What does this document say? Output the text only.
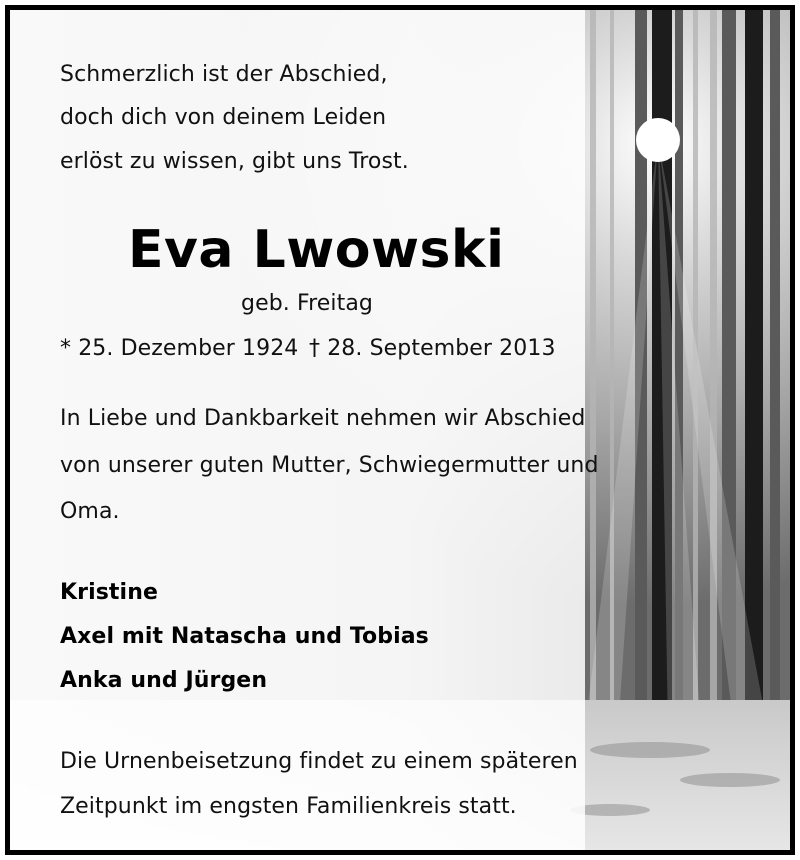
Schmerzlich ist der Abschied,
doch dich von deinem Leiden
erlöst zu wissen, gibt uns Trost.
Eva Lwowski
geb. Freitag
* 25. Dezember 1924 † 28. September 2013
In Liebe und Dankbarkeit nehmen wir Abschied
von unserer guten Mutter, Schwiegermutter und
Oma.
Kristine
Axel mit Natascha und Tobias
Anka und Jürgen
Die Urnenbeisetzung findet zu einem späteren
Zeitpunkt im engsten Familienkreis statt.
